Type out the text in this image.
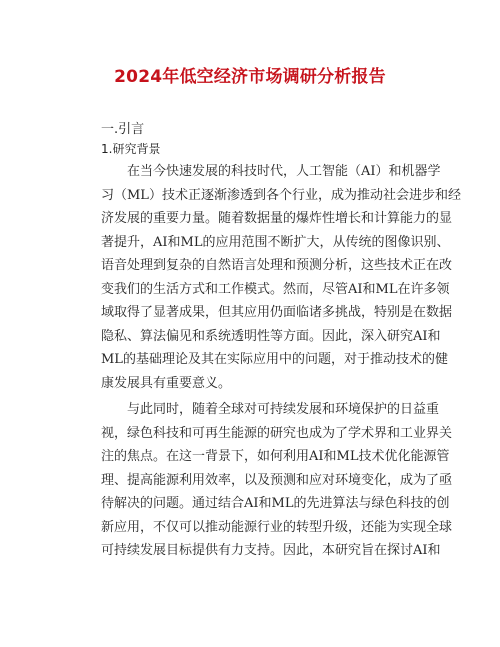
2024年低空经济市场调研分析报告
一.引言
1.研究背景
　　在当今快速发展的科技时代，人工智能（AI）和机器学
习（ML）技术正逐渐渗透到各个行业，成为推动社会进步和经
济发展的重要力量。随着数据量的爆炸性增长和计算能力的显
著提升，AI和ML的应用范围不断扩大，从传统的图像识别、
语音处理到复杂的自然语言处理和预测分析，这些技术正在改
变我们的生活方式和工作模式。然而，尽管AI和ML在许多领
域取得了显著成果，但其应用仍面临诸多挑战，特别是在数据
隐私、算法偏见和系统透明性等方面。因此，深入研究AI和
ML的基础理论及其在实际应用中的问题，对于推动技术的健
康发展具有重要意义。
　　与此同时，随着全球对可持续发展和环境保护的日益重
视，绿色科技和可再生能源的研究也成为了学术界和工业界关
注的焦点。在这一背景下，如何利用AI和ML技术优化能源管
理、提高能源利用效率，以及预测和应对环境变化，成为了亟
待解决的问题。通过结合AI和ML的先进算法与绿色科技的创
新应用，不仅可以推动能源行业的转型升级，还能为实现全球
可持续发展目标提供有力支持。因此，本研究旨在探讨AI和
